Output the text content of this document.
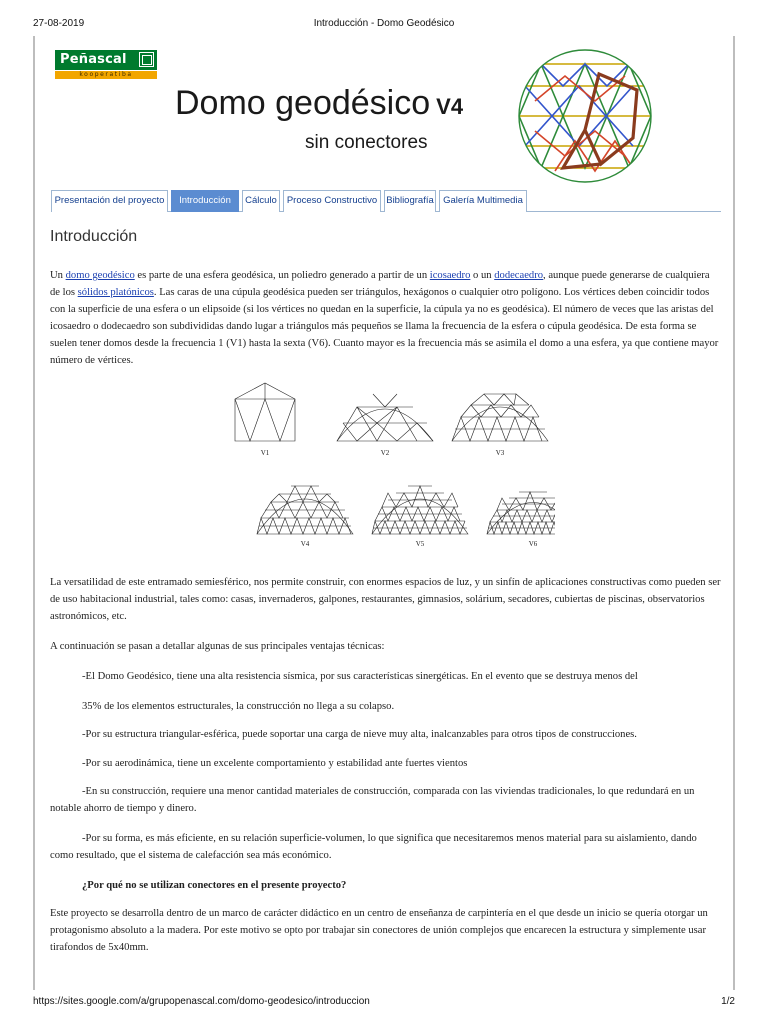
27-08-2019	Introducción - Domo Geodésico
Peñascal
kooperatiba
Domo geodésico V4
sin conectores
Presentación del proyecto	Introducción	Cálculo	Proceso Constructivo Bibliografía Galería Multimedia
Introducción

Un domo geodésico es parte de una esfera geodésica, un poliedro generado a partir de un icosaedro o un dodecaedro, aunque puede generarse de cualquiera de los sólidos platónicos. Las caras de una cúpula geodésica pueden ser triángulos, hexágonos o cualquier otro polígono. Los vértices deben coincidir todos con la superficie de una esfera o un elipsoide (si los vértices no quedan en la superficie, la cúpula ya no es geodésica). El número de veces que las aristas del icosaedro o dodecaedro son subdivididas dando lugar a triángulos más pequeños se llama la frecuencia de la esfera o cúpula geodésica. De esta forma se suelen tener domos desde la frecuencia 1 (V1) hasta la sexta (V6). Cuanto mayor es la frecuencia más se asimila el domo a una esfera, ya que contiene mayor número de vértices.

V1	V2	V3
V4	V5	V6

La versatilidad de este entramado semiesférico, nos permite construir, con enormes espacios de luz, y un sinfín de aplicaciones constructivas como pueden ser de uso habitacional industrial, tales como: casas, invernaderos, galpones, restaurantes, gimnasios, solárium, secadores, cubiertas de piscinas, observatorios astronómicos, etc.

A continuación se pasan a detallar algunas de sus principales ventajas técnicas:

-El Domo Geodésico, tiene una alta resistencia sísmica, por sus características sinergéticas. En el evento que se destruya menos del

35% de los elementos estructurales, la construcción no llega a su colapso.

-Por su estructura triangular-esférica, puede soportar una carga de nieve muy alta, inalcanzables para otros tipos de construcciones.

-Por su aerodinámica, tiene un excelente comportamiento y estabilidad ante fuertes vientos

-En su construcción, requiere una menor cantidad materiales de construcción, comparada con las viviendas tradicionales, lo que redundará en un notable ahorro de tiempo y dinero.

-Por su forma, es más eficiente, en su relación superficie-volumen, lo que significa que necesitaremos menos material para su aislamiento, dando como resultado, que el sistema de calefacción sea más económico.

¿Por qué no se utilizan conectores en el presente proyecto?

Este proyecto se desarrolla dentro de un marco de carácter didáctico en un centro de enseñanza de carpintería en el que desde un inicio se quería otorgar un protagonismo absoluto a la madera. Por este motivo se opto por trabajar sin conectores de unión complejos que encarecen la estructura y simplemente usar tirafondos de 5x40mm.

https://sites.google.com/a/grupopenascal.com/domo-geodesico/introduccion	1/2
